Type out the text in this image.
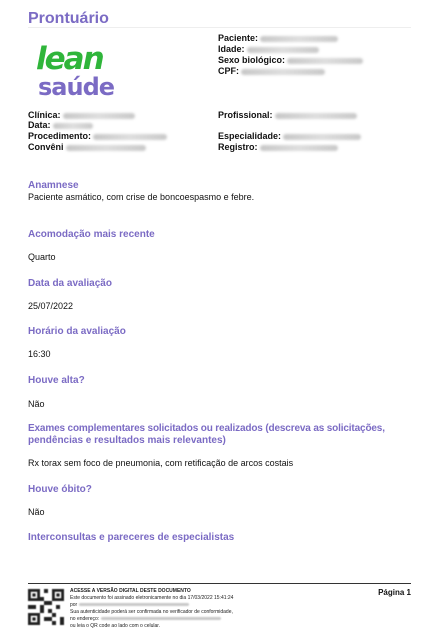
Prontuário
lean
saúde
Paciente:
Idade:
Sexo biológico:
CPF:
Clínica:
Data:
Procedimento:
Convêni
Profissional:
Especialidade:
Registro:
Anamnese
Paciente asmático, com crise de boncoespasmo e febre.
Acomodação mais recente
Quarto
Data da avaliação
25/07/2022
Horário da avaliação
16:30
Houve alta?
Não
Exames complementares solicitados ou realizados (descreva as solicitações,
pendências e resultados mais relevantes)
Rx torax sem foco de pneumonia, com retificação de arcos costais
Houve óbito?
Não
Interconsultas e pareceres de especialistas
ACESSE A VERSÃO DIGITAL DESTE DOCUMENTO
Este documento foi assinado eletronicamente no dia 17/03/2022 15:41:24
por
Sua autenticidade poderá ser confirmada no verificador de conformidade,
no endereço:
ou leia o QR code ao lado com o celular.
Página 1
